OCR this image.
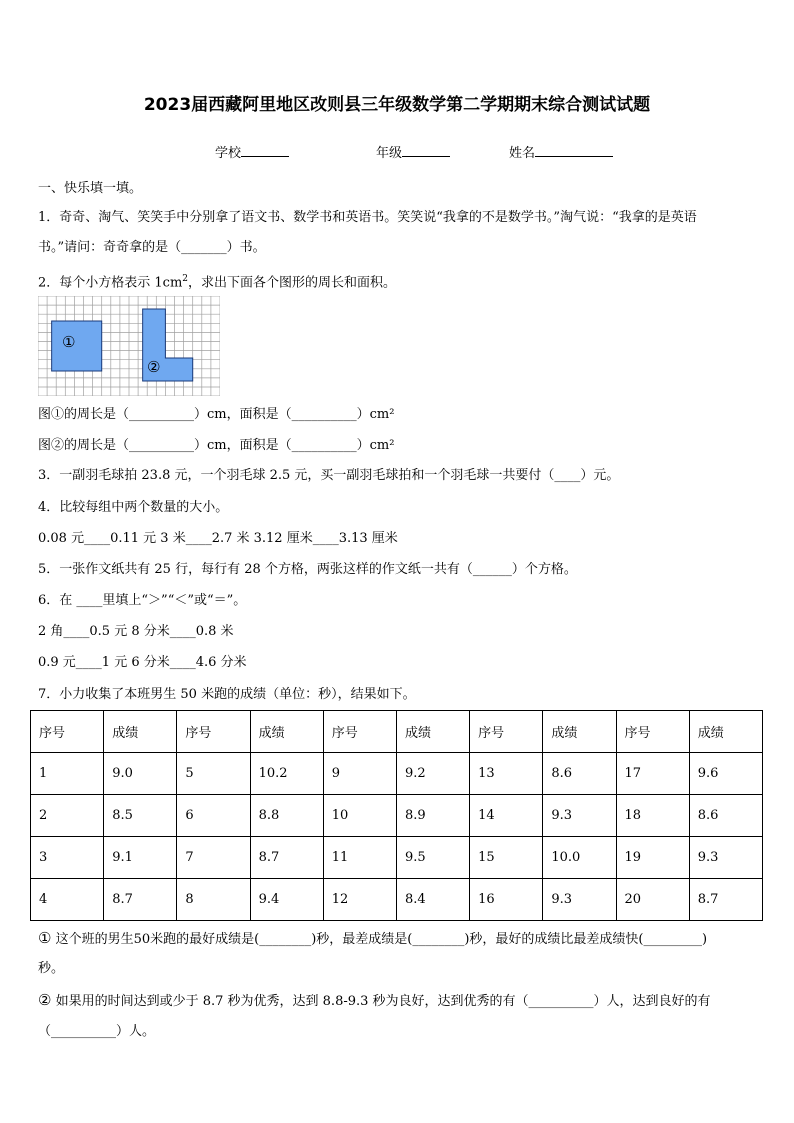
2023届西藏阿里地区改则县三年级数学第二学期期末综合测试试题
学校	年级	姓名
一、快乐填一填。
1．奇奇、淘气、笑笑手中分别拿了语文书、数学书和英语书。笑笑说“我拿的不是数学书。”淘气说：“我拿的是英语
书。”请问：奇奇拿的是（_______）书。
2．每个小方格表示 $1cm^2$，求出下面各个图形的周长和面积。
①
②
图①的周长是（__________）cm，面积是（__________）cm²
图②的周长是（__________）cm，面积是（__________）cm²
3．一副羽毛球拍 23.8 元，一个羽毛球 2.5 元，买一副羽毛球拍和一个羽毛球一共要付（____）元。
4．比较每组中两个数量的大小。
0.08 元____0.11 元 3 米____2.7 米 3.12 厘米____3.13 厘米
5．一张作文纸共有 25 行，每行有 28 个方格，两张这样的作文纸一共有（______）个方格。
6．在 ____里填上“＞”“＜”或“＝”。
2 角____0.5 元 8 分米____0.8 米
0.9 元____1 元 6 分米____4.6 分米
7．小力收集了本班男生 50 米跑的成绩（单位：秒），结果如下。
序号	成绩	序号	成绩	序号	成绩	序号	成绩	序号	成绩
1	9.0	5	10.2	9	9.2	13	8.6	17	9.6
2	8.5	6	8.8	10	8.9	14	9.3	18	8.6
3	9.1	7	8.7	11	9.5	15	10.0	19	9.3
4	8.7	8	9.4	12	8.4	16	9.3	20	8.7
① 这个班的男生50米跑的最好成绩是(________)秒，最差成绩是(________)秒，最好的成绩比最差成绩快(_________)
秒。
② 如果用的时间达到或少于 8.7 秒为优秀，达到 8.8-9.3 秒为良好，达到优秀的有（__________）人，达到良好的有
（__________）人。
